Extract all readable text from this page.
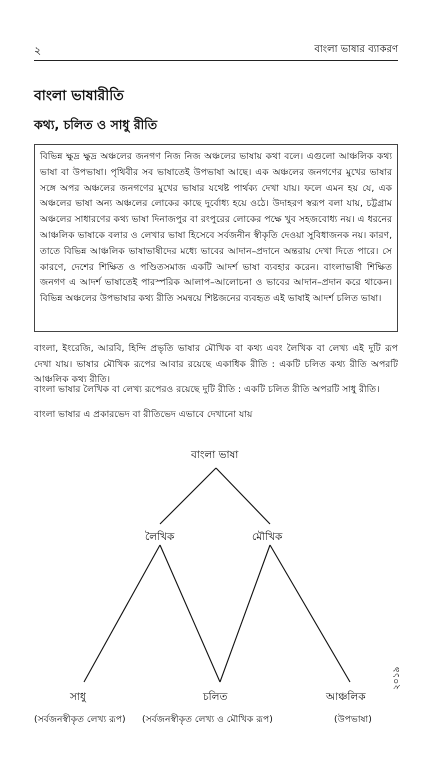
২	বাংলা ভাষার ব্যাকরণ
বাংলা ভাষারীতি
কথ্য, চলিত ও সাধু রীতি
বিভিন্ন ক্ষুদ্র ক্ষুদ্র অঞ্চলের জনগণ নিজ নিজ অঞ্চলের ভাষায় কথা বলে। এগুলো আঞ্চলিক কথ্য ভাষা বা উপভাষা। পৃথিবীর সব ভাষাতেই উপভাষা আছে। এক অঞ্চলের জনগণের মুখের ভাষার সঙ্গে অপর অঞ্চলের জনগণের মুখের ভাষার যথেষ্ট পার্থক্য দেখা যায়। ফলে এমন হয় যে, এক অঞ্চলের ভাষা অন্য অঞ্চলের লোকের কাছে দুর্বোধ্য হয়ে ওঠে। উদাহরণ স্বরূপ বলা যায়, চট্টগ্রাম অঞ্চলের সাধারণের কথ্য ভাষা দিনাজপুর বা রংপুরের লোকের পক্ষে খুব সহজবোধ্য নয়। এ ধরনের আঞ্চলিক ভাষাকে বলার ও লেখার ভাষা হিসেবে সর্বজনীন স্বীকৃতি দেওয়া সুবিধাজনক নয়। কারণ, তাতে বিভিন্ন আঞ্চলিক ভাষাভাষীদের মধ্যে ভাবের আদান–প্রদানে অন্তরায় দেখা দিতে পারে। সে কারণে, দেশের শিক্ষিত ও পণ্ডিতসমাজ একটি আদর্শ ভাষা ব্যবহার করেন। বাংলাভাষী শিক্ষিত জনগণ এ আদর্শ ভাষাতেই পারস্পরিক আলাপ–আলোচনা ও ভাবের আদান–প্রদান করে থাকেন। বিভিন্ন অঞ্চলের উপভাষার কথ্য রীতি সমন্বয়ে শিষ্টজনের ব্যবহৃত এই ভাষাই আদর্শ চলিত ভাষা।
বাংলা, ইংরেজি, আরবি, হিন্দি প্রভৃতি ভাষার মৌখিক বা কথ্য এবং লৈখিক বা লেখ্য এই দুটি রূপ দেখা যায়। ভাষার মৌখিক রূপের আবার রয়েছে একাধিক রীতি : একটি চলিত কথ্য রীতি অপরটি আঞ্চলিক কথ্য রীতি।
বাংলা ভাষার লৈখিক বা লেখ্য রূপেরও রয়েছে দুটি রীতি : একটি চলিত রীতি অপরটি সাধু রীতি।
বাংলা ভাষার এ প্রকারভেদ বা রীতিভেদ এভাবে দেখানো যায়
বাংলা ভাষা
লৈখিক	মৌখিক
সাধু	চলিত	আঞ্চলিক
(সর্বজনস্বীকৃত লেখ্য রূপ) (সর্বজনস্বীকৃত লেখ্য ও মৌখিক রূপ)	(উপভাষা)
২০১৯
